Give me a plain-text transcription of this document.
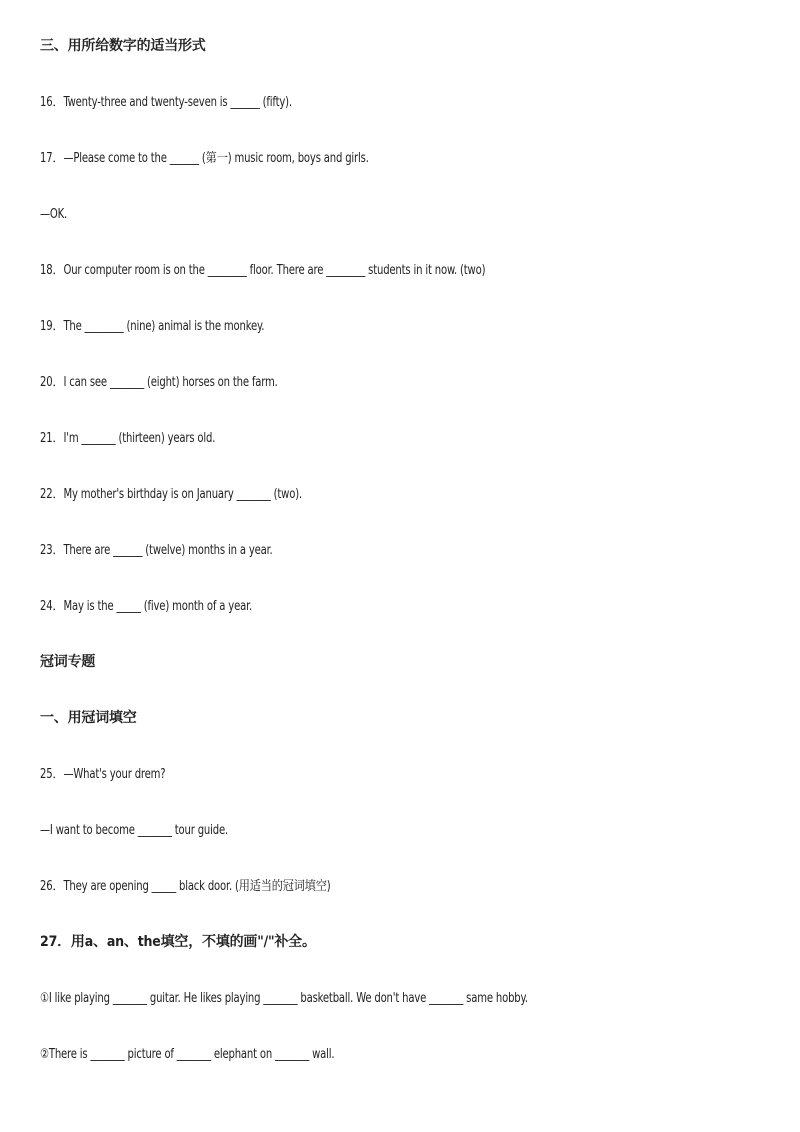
三、用所给数字的适当形式
16．Twenty-three and twenty-seven is ______ (fifty).
17．—Please come to the ______ (第一) music room, boys and girls.
—OK.
18．Our computer room is on the ________ floor. There are ________ students in it now. (two)
19．The ________ (nine) animal is the monkey.
20．I can see _______ (eight) horses on the farm.
21．I'm _______ (thirteen) years old.
22．My mother's birthday is on January _______ (two).
23．There are ______ (twelve) months in a year.
24．May is the _____ (five) month of a year.
冠词专题
一、用冠词填空
25．—What's your drem?
—I want to become _______ tour guide.
26．They are opening _____ black door. (用适当的冠词填空)
27．用a、an、the填空，不填的画"/"补全。
①I like playing _______ guitar. He likes playing _______ basketball. We don't have _______ same hobby.
②There is _______ picture of _______ elephant on _______ wall.
